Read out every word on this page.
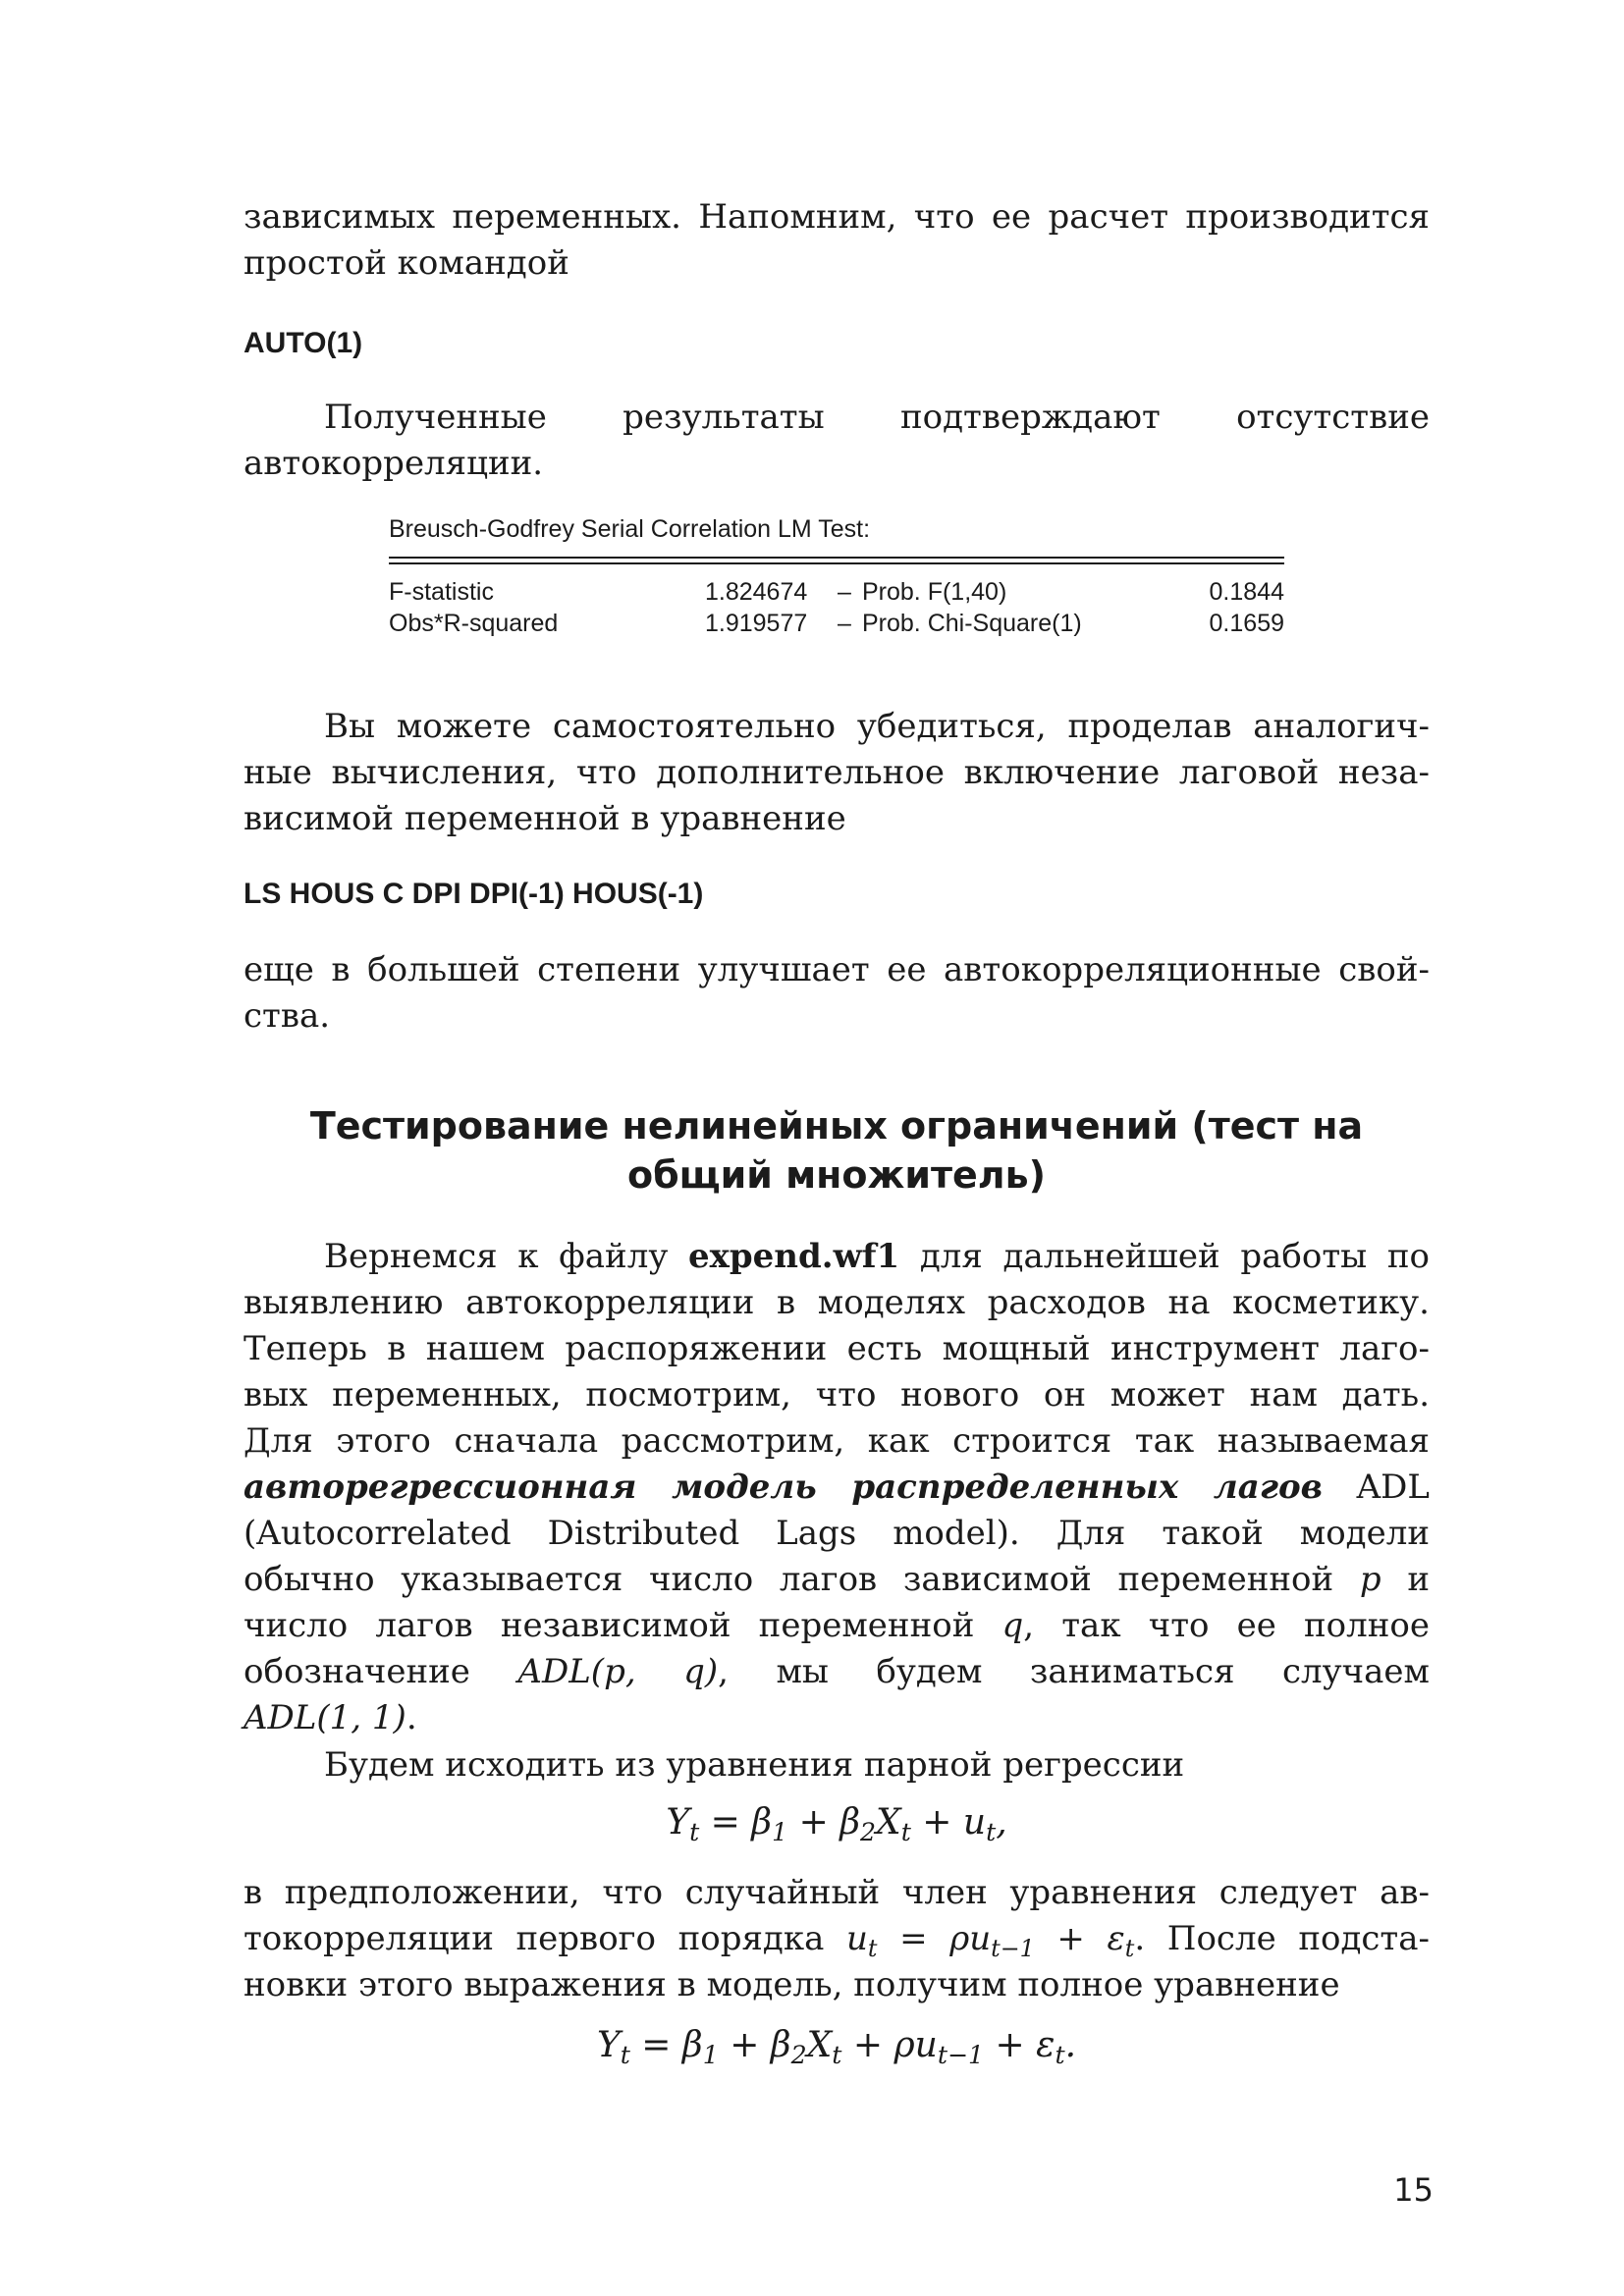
зависимых переменных. Напомним, что ее расчет производится
простой командой

AUTO(1)

Полученные результаты подтверждают отсутствие
автокорреляции.

Breusch-Godfrey Serial Correlation LM Test:
F-statistic	1.824674 – Prob. F(1,40)	0.1844
Obs*R-squared	1.919577 – Prob. Chi-Square(1)	0.1659

Вы можете самостоятельно убедиться, проделав аналогич-
ные вычисления, что дополнительное включение лаговой неза-
висимой переменной в уравнение

LS HOUS C DPI DPI(-1) HOUS(-1)

еще в большей степени улучшает ее автокорреляционные свой-
ства.

Тестирование нелинейных ограничений (тест на
общий множитель)

Вернемся к файлу expend.wf1 для дальнейшей работы по
выявлению автокорреляции в моделях расходов на косметику.
Теперь в нашем распоряжении есть мощный инструмент лаго-
вых переменных, посмотрим, что нового он может нам дать.
Для этого сначала рассмотрим, как строится так называемая
авторегрессионная модель распределенных лагов ADL
(Autocorrelated Distributed Lags model). Для такой модели
обычно указывается число лагов зависимой переменной p и
число лагов независимой переменной q, так что ее полное
обозначение ADL(p, q), мы будем заниматься случаем
ADL(1, 1).

Будем исходить из уравнения парной регрессии

$Y_t = \beta_1 + \beta_2X_t + u_t$,

в предположении, что случайный член уравнения следует ав-
токорреляции первого порядка $u_t = \rho u_{t-1} + \varepsilon_t$. После подста-
новки этого выражения в модель, получим полное уравнение

$Y_t = \beta_1 + \beta_2X_t + \rho u_{t-1} + \varepsilon_t$.

15
